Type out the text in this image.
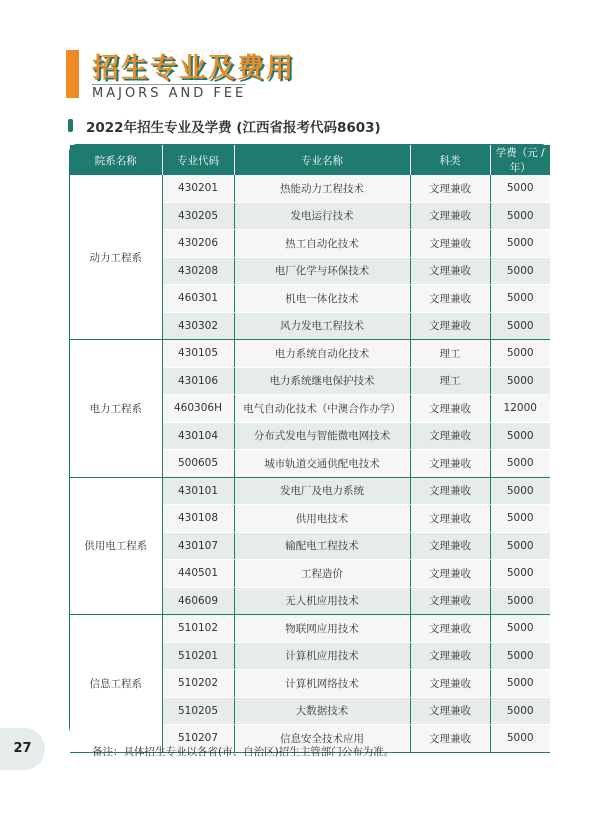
招生专业及费用
MAJORS AND FEE
2022年招生专业及学费 (江西省报考代码8603)
院系名称	专业代码	专业名称	科类	学费（元 / 年）
动力工程系	430201	热能动力工程技术	文理兼收	5000
	430205	发电运行技术	文理兼收	5000
	430206	热工自动化技术	文理兼收	5000
	430208	电厂化学与环保技术	文理兼收	5000
	460301	机电一体化技术	文理兼收	5000
	430302	风力发电工程技术	文理兼收	5000
电力工程系	430105	电力系统自动化技术	理工	5000
	430106	电力系统继电保护技术	理工	5000
	460306H	电气自动化技术（中澳合作办学）	文理兼收	12000
	430104	分布式发电与智能微电网技术	文理兼收	5000
	500605	城市轨道交通供配电技术	文理兼收	5000
供用电工程系	430101	发电厂及电力系统	文理兼收	5000
	430108	供用电技术	文理兼收	5000
	430107	输配电工程技术	文理兼收	5000
	440501	工程造价	文理兼收	5000
	460609	无人机应用技术	文理兼收	5000
信息工程系	510102	物联网应用技术	文理兼收	5000
	510201	计算机应用技术	文理兼收	5000
	510202	计算机网络技术	文理兼收	5000
	510205	大数据技术	文理兼收	5000
	510207	信息安全技术应用	文理兼收	5000
27	备注：具体招生专业以各省(市、自治区)招生主管部门公布为准。
